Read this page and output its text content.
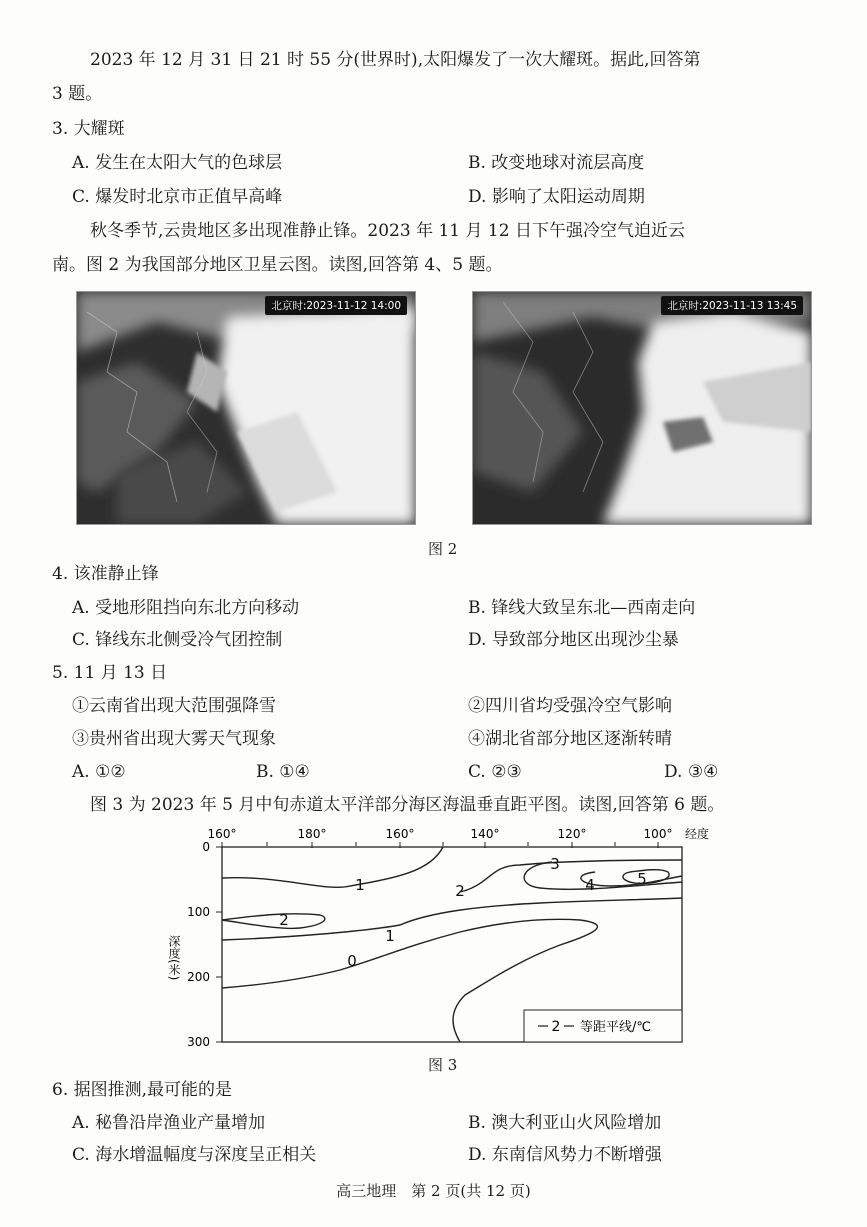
2023 年 12 月 31 日 21 时 55 分(世界时),太阳爆发了一次大耀斑。据此,回答第
3 题。
3. 大耀斑
A. 发生在太阳大气的色球层	B. 改变地球对流层高度
C. 爆发时北京市正值早高峰	D. 影响了太阳运动周期
秋冬季节,云贵地区多出现准静止锋。2023 年 11 月 12 日下午强冷空气迫近云
南。图 2 为我国部分地区卫星云图。读图,回答第 4、5 题。
北京时:2023-11-12 14:00	北京时:2023-11-13 13:45
图 2
4. 该准静止锋
A. 受地形阻挡向东北方向移动	B. 锋线大致呈东北—西南走向
C. 锋线东北侧受冷气团控制	D. 导致部分地区出现沙尘暴
5. 11 月 13 日
①云南省出现大范围强降雪	②四川省均受强冷空气影响
③贵州省出现大雾天气现象	④湖北省部分地区逐渐转晴
A. ①②	B. ①④	C. ②③	D. ③④
图 3 为 2023 年 5 月中旬赤道太平洋部分海区海温垂直距平图。读图,回答第 6 题。
160°	180°	160°	140°	120°	100° 经度
0
100
200
300
深度(米)
1	2
3
4	5
2
1
0
2 等距平线/℃
图 3
6. 据图推测,最可能的是
A. 秘鲁沿岸渔业产量增加	B. 澳大利亚山火风险增加
C. 海水增温幅度与深度呈正相关	D. 东南信风势力不断增强
高三地理　第 2 页(共 12 页)
